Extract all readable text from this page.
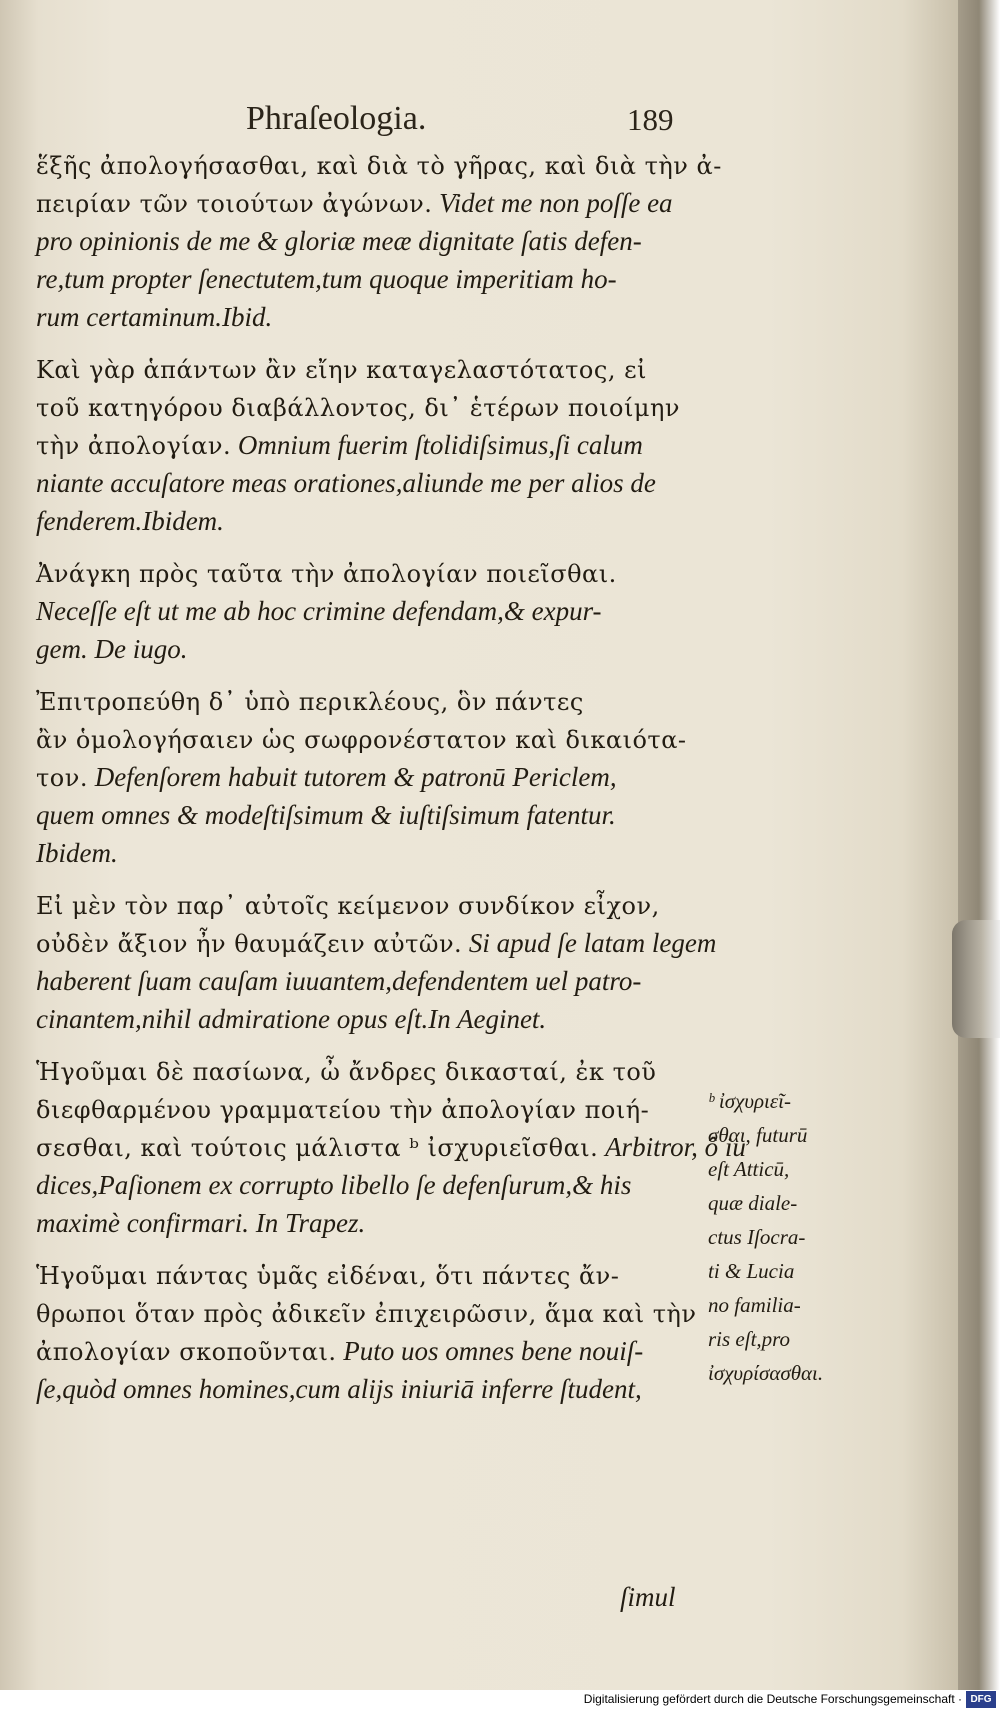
Phraſeologia.	189
ἕξῆς ἀπολογήσασθαι, καὶ διὰ τὸ γῆρας, καὶ διὰ τὴν ἀ-
πειρίαν τῶν τοιούτων ἀγώνων. Videt me non poſſe ea
pro opinionis de me & gloriæ meæ dignitate ſatis defen-
re,tum propter ſenectutem,tum quoque imperitiam ho-
rum certaminum.Ibid.
Καὶ γὰρ ἁπάντων ἂν εἴην καταγελαστότατος, εἰ
τοῦ κατηγόρου διαβάλλοντος, δι᾽ ἑτέρων ποιοίμην
τὴν ἀπολογίαν. Omnium fuerim ſtolidiſsimus,ſi calum
niante accuſatore meas orationes,aliunde me per alios de
fenderem.Ibidem.
Ἀνάγκη πρὸς ταῦτα τὴν ἀπολογίαν ποιεῖσθαι.
Neceſſe eſt ut me ab hoc crimine defendam,& expur-
gem. De iugo.
Ἐπιτροπεύθη δ᾽ ὑπὸ περικλέους, ὃν πάντες
ἂν ὁμολογήσαιεν ὡς σωφρονέστατον καὶ δικαιότα-
τον. Defenſorem habuit tutorem & patronū Periclem,
quem omnes & modeſtiſsimum & iuſtiſsimum fatentur.
Ibidem.
Εἰ μὲν τὸν παρ᾽ αὐτοῖς κείμενον συνδίκον εἶχον,
οὐδὲν ἄξιον ἦν θαυμάζειν αὐτῶν. Si apud ſe latam legem
haberent ſuam cauſam iuuantem,defendentem uel patro-
cinantem,nihil admiratione opus eſt.In Aeginet.
Ἡγοῦμαι δὲ πασίωνα, ὦ ἄνδρες δικασταί, ἐκ τοῦ
διεφθαρμένου γραμματείου τὴν ἀπολογίαν ποιή-
σεσθαι, καὶ τούτοις μάλιστα ᵇ ἰσχυριεῖσθαι. Arbitror, ô iu
dices,Paſionem ex corrupto libello ſe defenſurum,& his
maximè confirmari. In Trapez.
Ἡγοῦμαι πάντας ὑμᾶς εἰδέναι, ὅτι πάντες ἄν-
θρωποι ὅταν πρὸς ἀδικεῖν ἐπιχειρῶσιν, ἅμα καὶ τὴν
ἀπολογίαν σκοποῦνται. Puto uos omnes bene nouiſ-
ſe,quòd omnes homines,cum aliјs iniuriā inferre ſtudent,
ᵇ ἰσχυριεῖ-
σθαι, futurū
eſt Atticū,
quæ diale-
ctus Iſocra-
ti & Lucia
no familia-
ris eſt,pro
ἰσχυρίσασθαι.
ſimul
Digitalisierung gefördert durch die Deutsche Forschungsgemeinschaft · DFG
